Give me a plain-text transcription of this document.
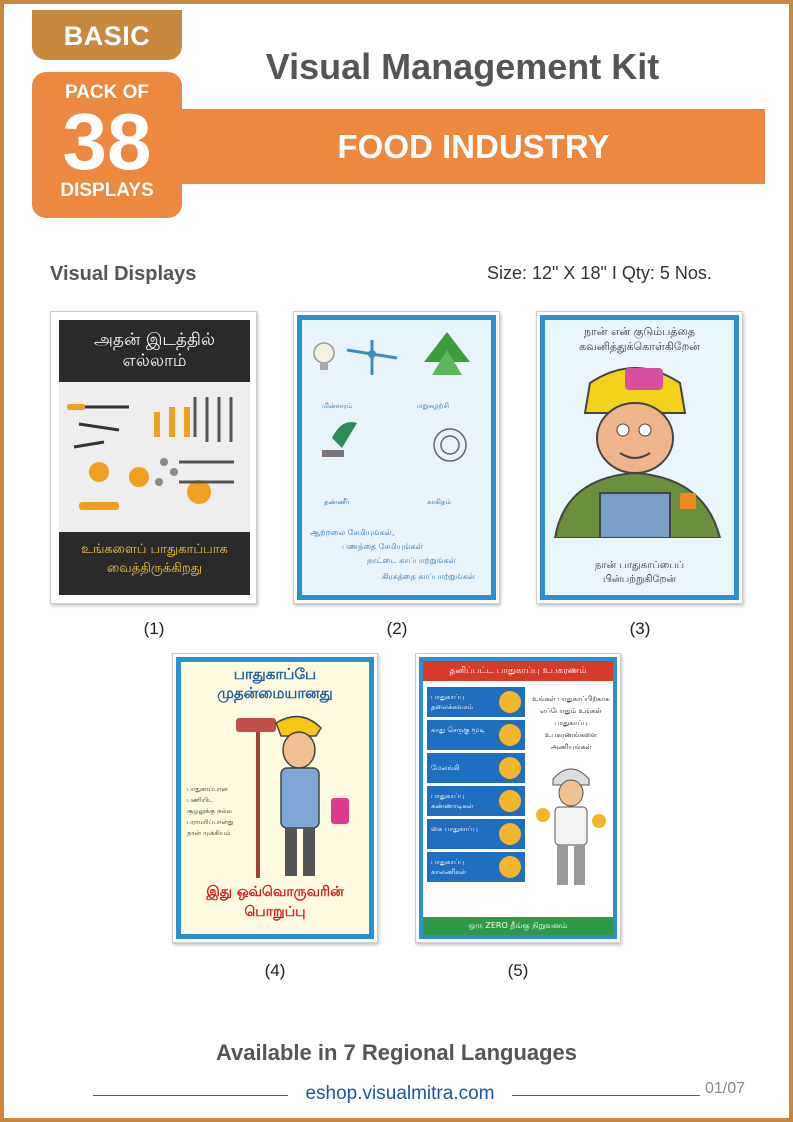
BASIC
PACK OF
38
DISPLAYS
Visual Management Kit
FOOD INDUSTRY
Visual Displays	Size: 12" X 18" I Qty: 5 Nos.
அதன் இடத்தில் எல்லாம்
உங்களைப் பாதுகாப்பாக வைத்திருக்கிறது
மின்சாரம்	மறுசுழற்சி
தண்ணீர்	காகிதம்
ஆற்றலை சேமியுங்கள்,
பணத்தை சேமியுங்கள்
நாட்டை காப்பாற்றுங்கள்
கிரகத்தை காப்பாற்றுங்கள்
நான் என் குடும்பத்தை கவனித்துக்கொள்கிறேன்
நான் பாதுகாப்பைப் பின்பற்றுகிறேன்
பாதுகாப்பே முதன்மையானது
பாதுகாப்பான பணியிட சூழலுக்கு நல்ல பராமரிப்பானது தான் முக்கியம்
இது ஒவ்வொருவரின் பொறுப்பு
தனிப்பட்ட பாதுகாப்பு உபகரணம்
பாதுகாப்பு தலைக்கவசம்
காது செருகு மூடி
மேலங்கி
பாதுகாப்பு கண்ணாடிகள்
கை பாதுகாப்பு
பாதுகாப்பு காலணிகள்
உங்கள் பாதுகாப்பிற்காக எப்போதும் உங்கள் பாதுகாப்பு உபகரணங்களை அணியுங்கள்
ஒரு ZERO தீங்கு நிறுவனம்
(1)	(2)	(3)
(4)	(5)
Available in 7 Regional Languages
eshop.visualmitra.com	01/07
